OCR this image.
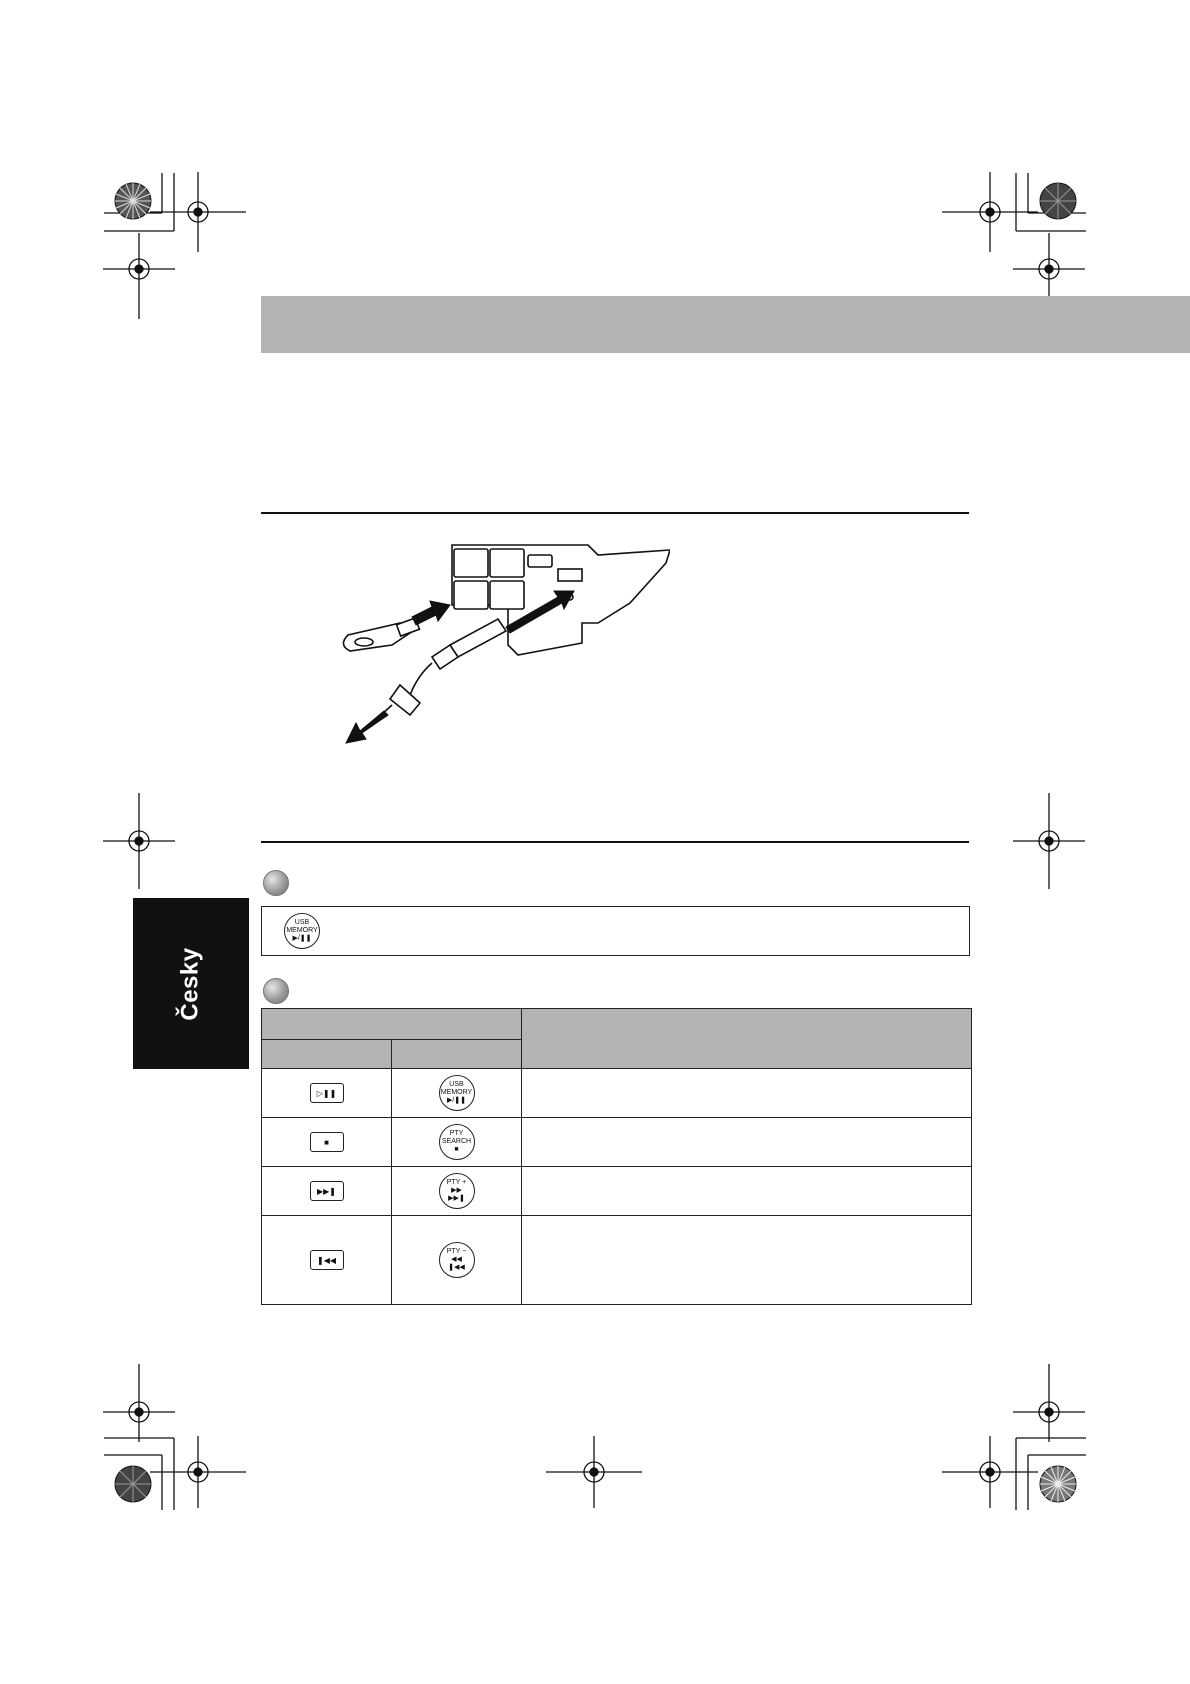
Česky
USB
MEMORY
▶/❚❚

▷❚❚	USB
MEMORY
▶/❚❚	

■	PTY
SEARCH
■	

▶▶❚	PTY +
▶▶
▶▶❚	

❚◀◀	PTY −
◀◀
❚◀◀	
